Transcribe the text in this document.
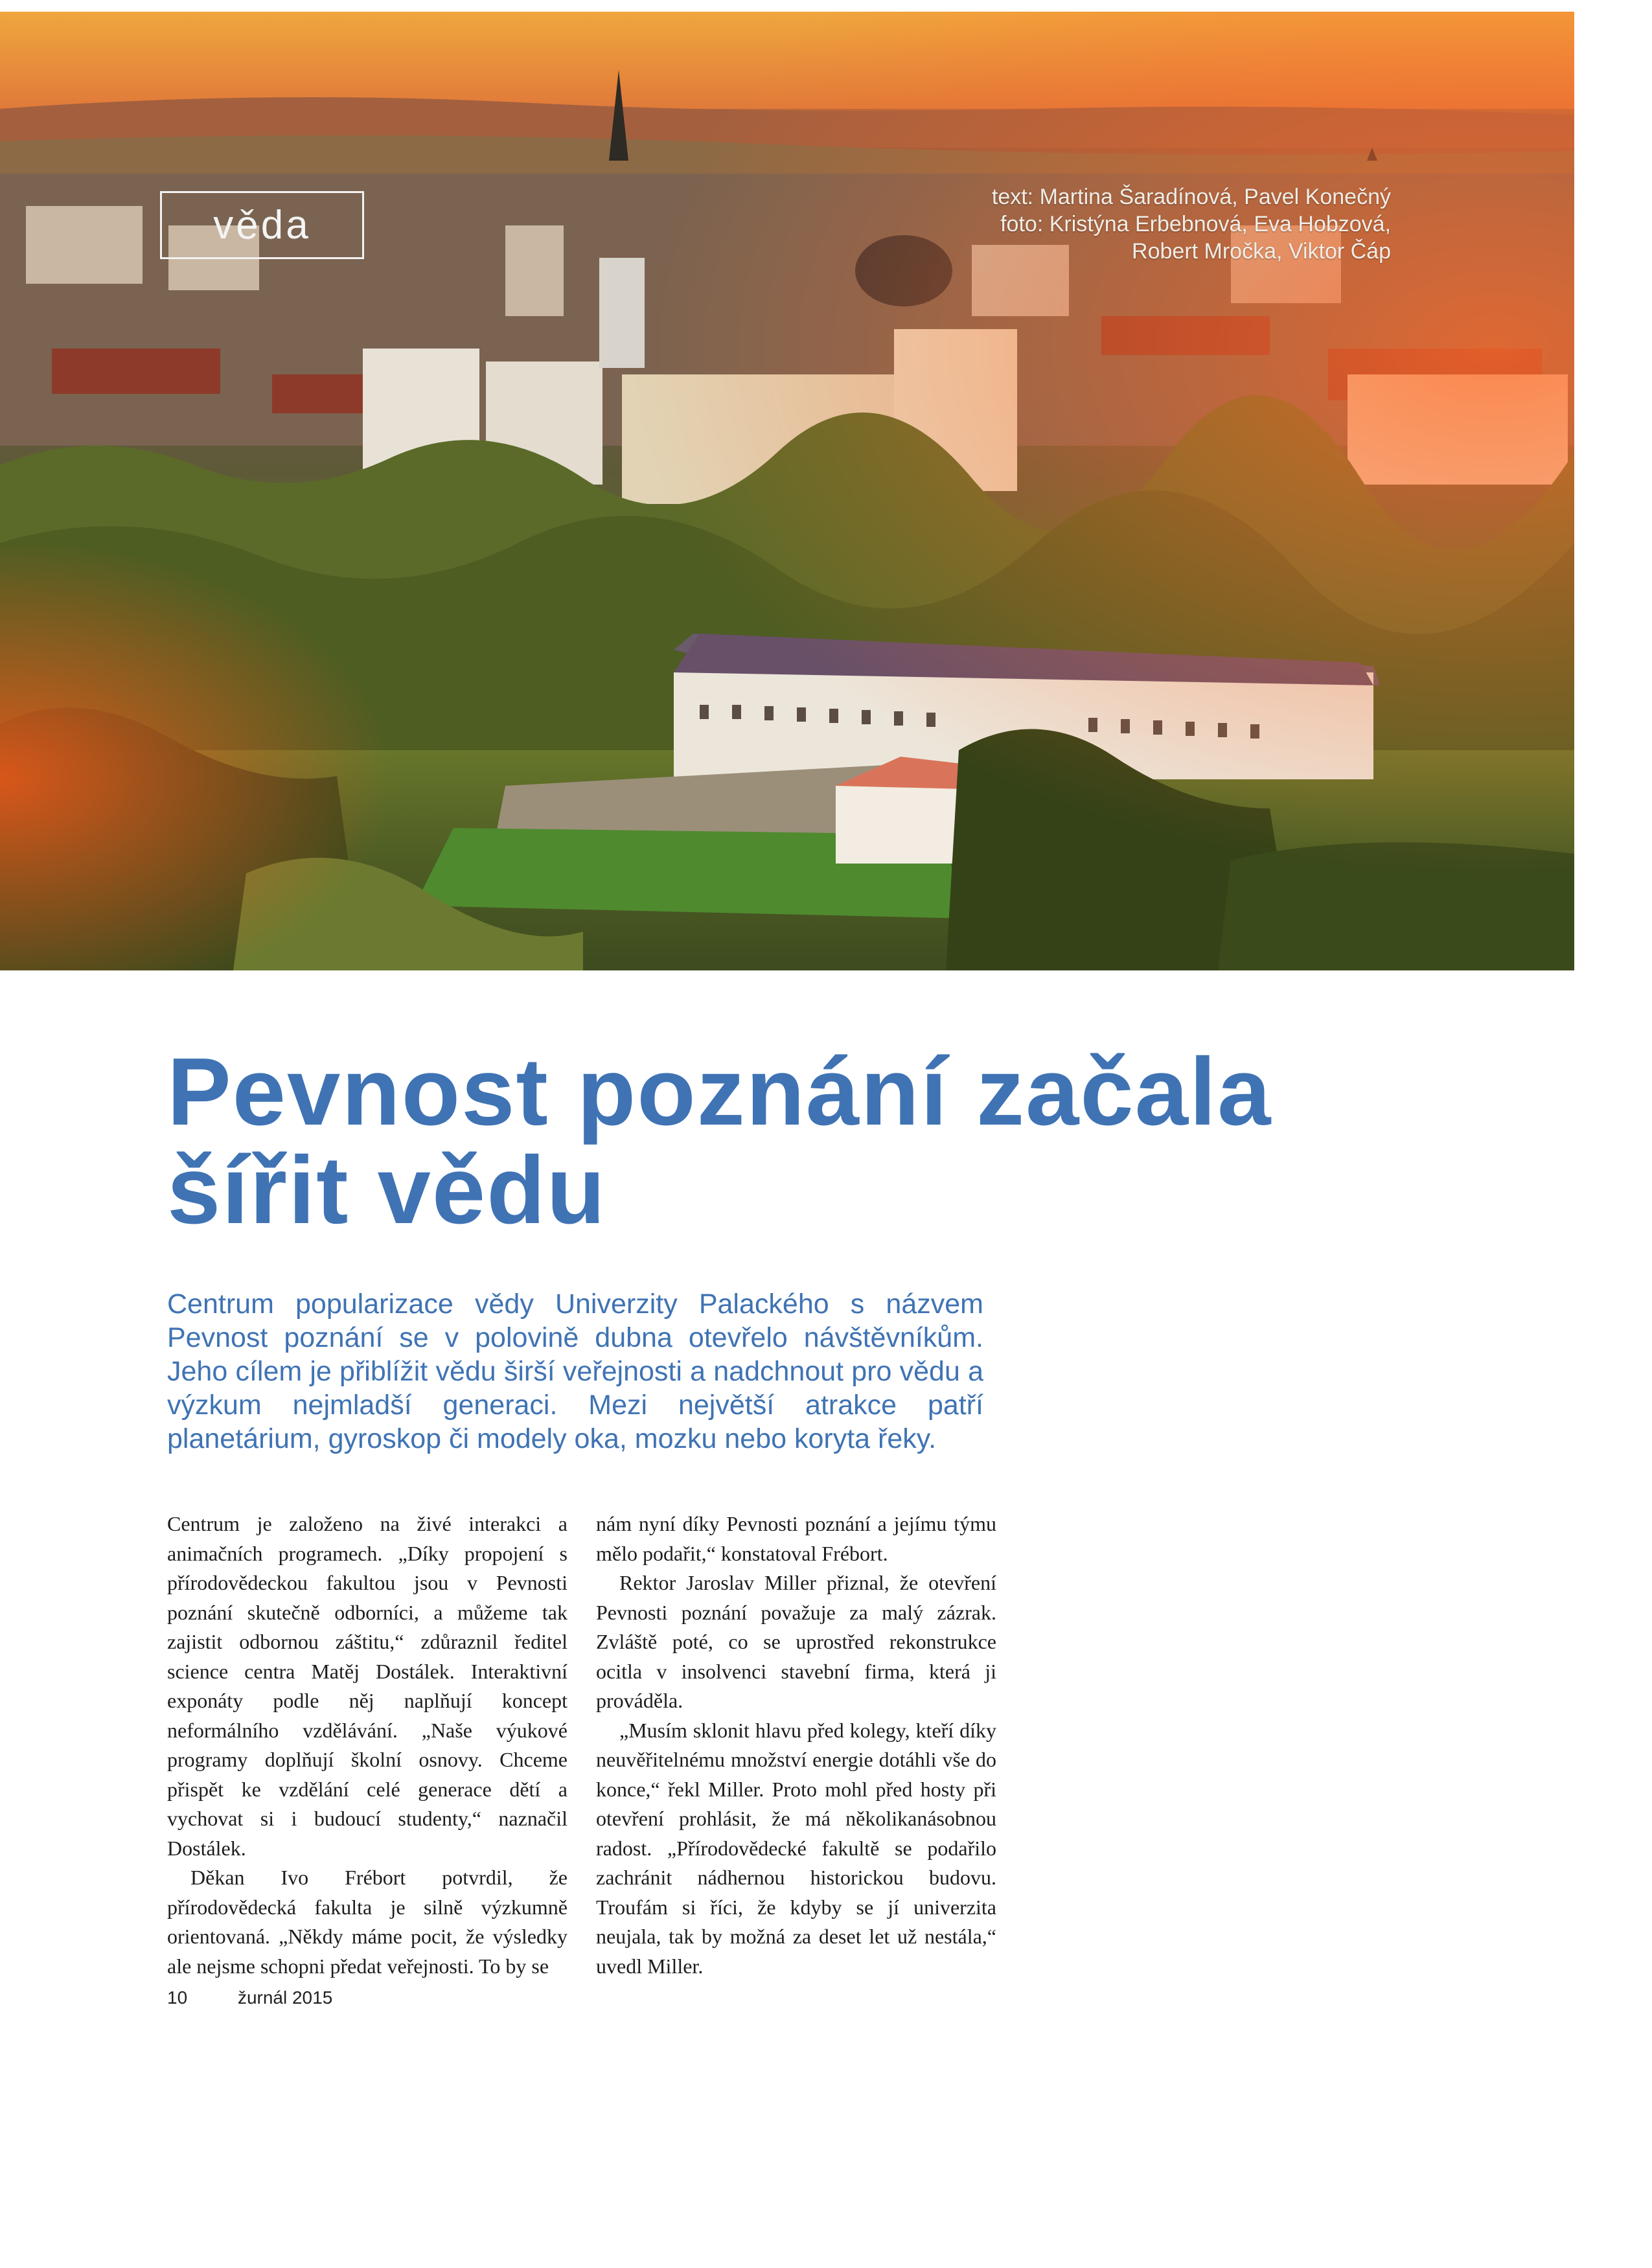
věda
text: Martina Šaradínová, Pavel Konečný
foto: Kristýna Erbebnová, Eva Hobzová,
Robert Mročka, Viktor Čáp
Pevnost poznání začala
šířit vědu

Centrum popularizace vědy Univerzity Palackého s názvem Pevnost poznání se v polovině dubna otevřelo návštěvníkům. Jeho cílem je přiblížit vědu širší veřejnosti a nadchnout pro vědu a výzkum nejmladší generaci. Mezi největší atrakce patří planetárium, gyroskop či modely oka, mozku nebo koryta řeky.

Centrum je založeno na živé interakci a animačních programech. „Díky propojení s přírodovědeckou fakultou jsou v Pevnosti poznání skutečně odborníci, a můžeme tak zajistit odbornou záštitu,“ zdůraznil ředitel science centra Matěj Dostálek. Interaktivní exponáty podle něj naplňují koncept neformálního vzdělávání. „Naše výukové programy doplňují školní osnovy. Chceme přispět ke vzdělání celé generace dětí a vychovat si i budoucí studenty,“ naznačil Dostálek.

Děkan Ivo Frébort potvrdil, že přírodovědecká fakulta je silně výzkumně orientovaná. „Někdy máme pocit, že výsledky ale nejsme schopni předat veřejnosti. To by se

nám nyní díky Pevnosti poznání a jejímu týmu mělo podařit,“ konstatoval Frébort.

Rektor Jaroslav Miller přiznal, že otevření Pevnosti poznání považuje za malý zázrak. Zvláště poté, co se uprostřed rekonstrukce ocitla v insolvenci stavební firma, která ji prováděla.

„Musím sklonit hlavu před kolegy, kteří díky neuvěřitelnému množství energie dotáhli vše do konce,“ řekl Miller. Proto mohl před hosty při otevření prohlásit, že má několikanásobnou radost. „Přírodovědecké fakultě se podařilo zachránit nádhernou historickou budovu. Troufám si říci, že kdyby se jí univerzita neujala, tak by možná za deset let už nestála,“ uvedl Miller.

10	žurnál 2015
